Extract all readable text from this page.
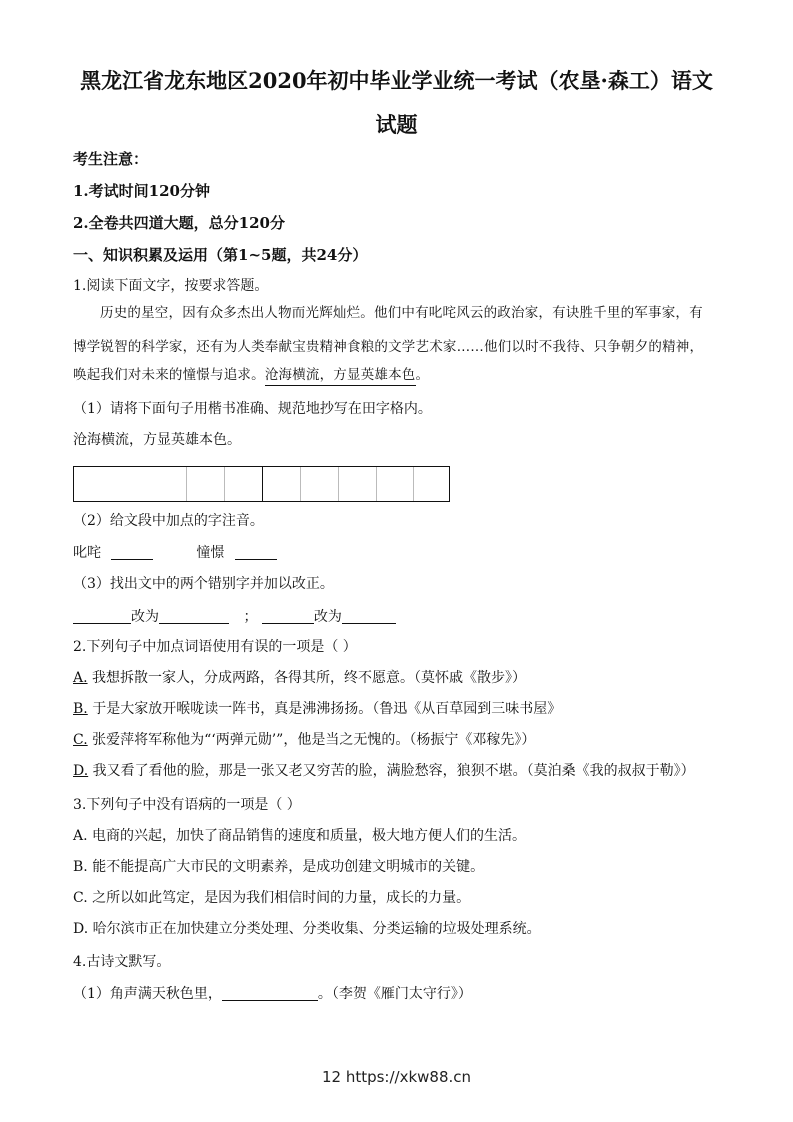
黑龙江省龙东地区2020年初中毕业学业统一考试（农垦·森工）语文
试题
考生注意：
1.考试时间120分钟
2.全卷共四道大题，总分120分
一、知识积累及运用（第1~5题，共24分）
1.阅读下面文字，按要求答题。
历史的星空，因有众多杰出人物而光辉灿烂。他们中有叱咤风云的政治家，有诀胜千里的军事家，有
博学锐智的科学家，还有为人类奉献宝贵精神食粮的文学艺术家……他们以时不我待、只争朝夕的精神，
唤起我们对未来的憧憬与追求。沧海横流，方显英雄本色。
（1）请将下面句子用楷书准确、规范地抄写在田字格内。
沧海横流，方显英雄本色。
（2）给文段中加点的字注音。
叱咤	憧憬
（3）找出文中的两个错别字并加以改正。
改为	；	改为
2.下列句子中加点词语使用有误的一项是（ ）
A. 我想拆散一家人，分成两路，各得其所，终不愿意。（莫怀戚《散步》）
B. 于是大家放开喉咙读一阵书，真是沸沸扬扬。（鲁迅《从百草园到三味书屋》
C. 张爱萍将军称他为“‘两弹元勋’”，他是当之无愧的。（杨振宁《邓稼先》）
D. 我又看了看他的脸，那是一张又老又穷苦的脸，满脸愁容，狼狈不堪。（莫泊桑《我的叔叔于勒》）
3.下列句子中没有语病的一项是（ ）
A. 电商的兴起，加快了商品销售的速度和质量，极大地方便人们的生活。
B. 能不能提高广大市民的文明素养，是成功创建文明城市的关键。
C. 之所以如此笃定，是因为我们相信时间的力量，成长的力量。
D. 哈尔滨市正在加快建立分类处理、分类收集、分类运输的垃圾处理系统。
4.古诗文默写。
（1）角声满天秋色里，	。（李贺《雁门太守行》）
12 https://xkw88.cn
